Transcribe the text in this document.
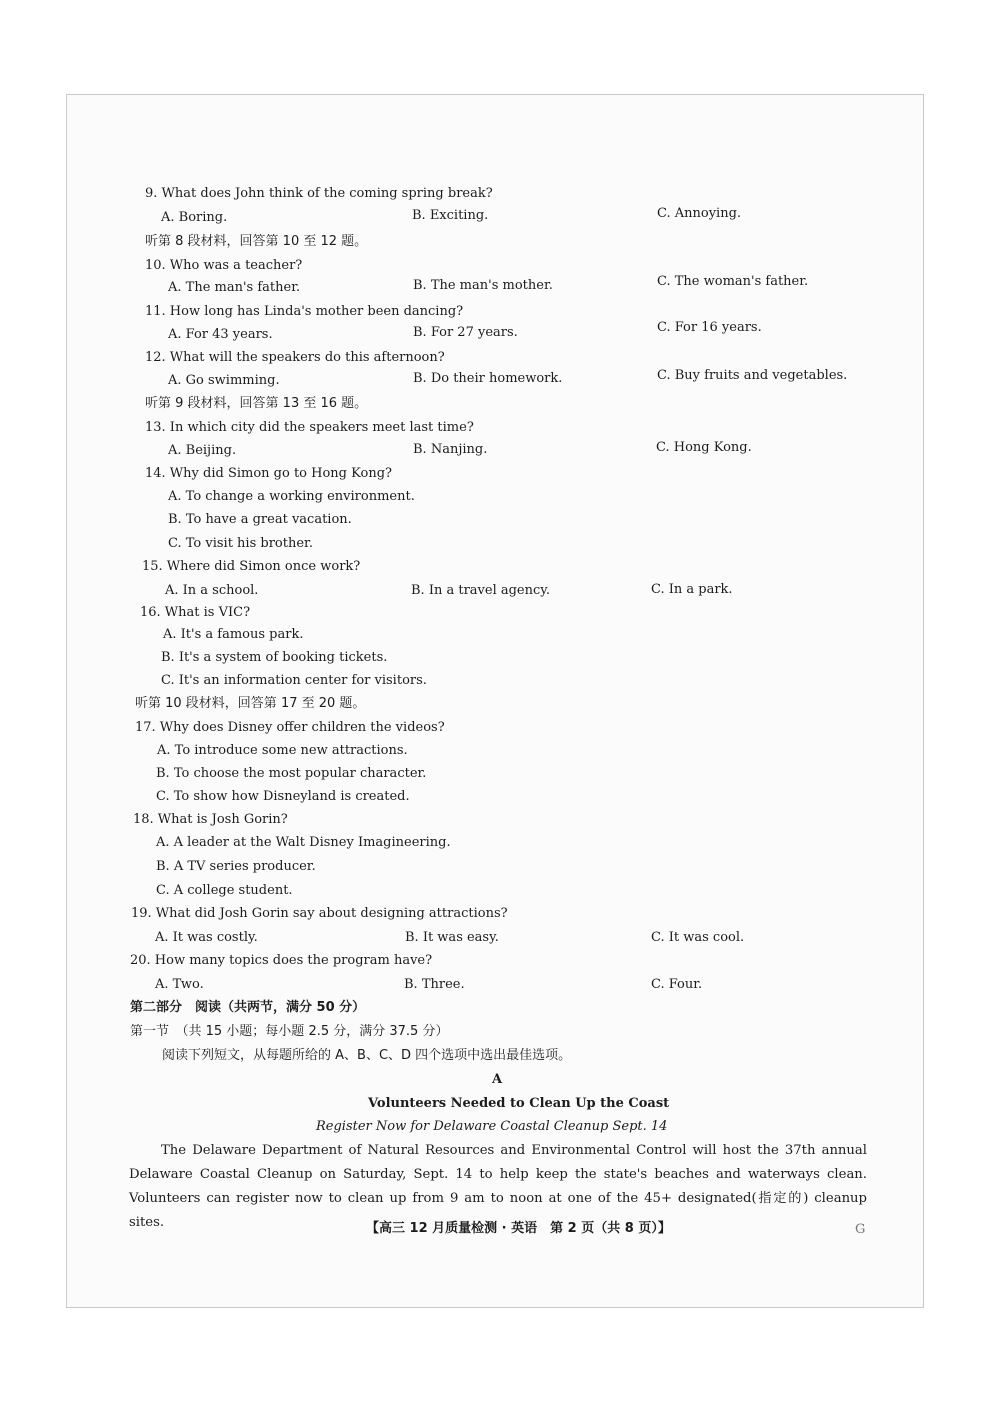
9. What does John think of the coming spring break?
A. Boring.	B. Exciting.	C. Annoying.
听第 8 段材料，回答第 10 至 12 题。
10. Who was a teacher?
A. The man's father.	B. The man's mother.	C. The woman's father.
11. How long has Linda's mother been dancing?
A. For 43 years.	B. For 27 years.	C. For 16 years.
12. What will the speakers do this afternoon?
A. Go swimming.	B. Do their homework.	C. Buy fruits and vegetables.
听第 9 段材料，回答第 13 至 16 题。
13. In which city did the speakers meet last time?
A. Beijing.	B. Nanjing.	C. Hong Kong.
14. Why did Simon go to Hong Kong?
A. To change a working environment.
B. To have a great vacation.
C. To visit his brother.
15. Where did Simon once work?
A. In a school.	B. In a travel agency.	C. In a park.
16. What is VIC?
A. It's a famous park.
B. It's a system of booking tickets.
C. It's an information center for visitors.
听第 10 段材料，回答第 17 至 20 题。
17. Why does Disney offer children the videos?
A. To introduce some new attractions.
B. To choose the most popular character.
C. To show how Disneyland is created.
18. What is Josh Gorin?
A. A leader at the Walt Disney Imagineering.
B. A TV series producer.
C. A college student.
19. What did Josh Gorin say about designing attractions?
A. It was costly.	B. It was easy.	C. It was cool.
20. How many topics does the program have?
A. Two.	B. Three.	C. Four.
第二部分　阅读（共两节，满分 50 分）
第一节　（共 15 小题；每小题 2.5 分，满分 37.5 分）
阅读下列短文，从每题所给的 A、B、C、D 四个选项中选出最佳选项。
A
Volunteers Needed to Clean Up the Coast
Register Now for Delaware Coastal Cleanup Sept. 14
The Delaware Department of Natural Resources and Environmental Control will host the 37th annual Delaware Coastal Cleanup on Saturday, Sept. 14 to help keep the state's beaches and waterways clean. Volunteers can register now to clean up from 9 am to noon at one of the 45+ designated(指定的) cleanup sites.	【高三 12 月质量检测 · 英语　第 2 页（共 8 页）】	G
